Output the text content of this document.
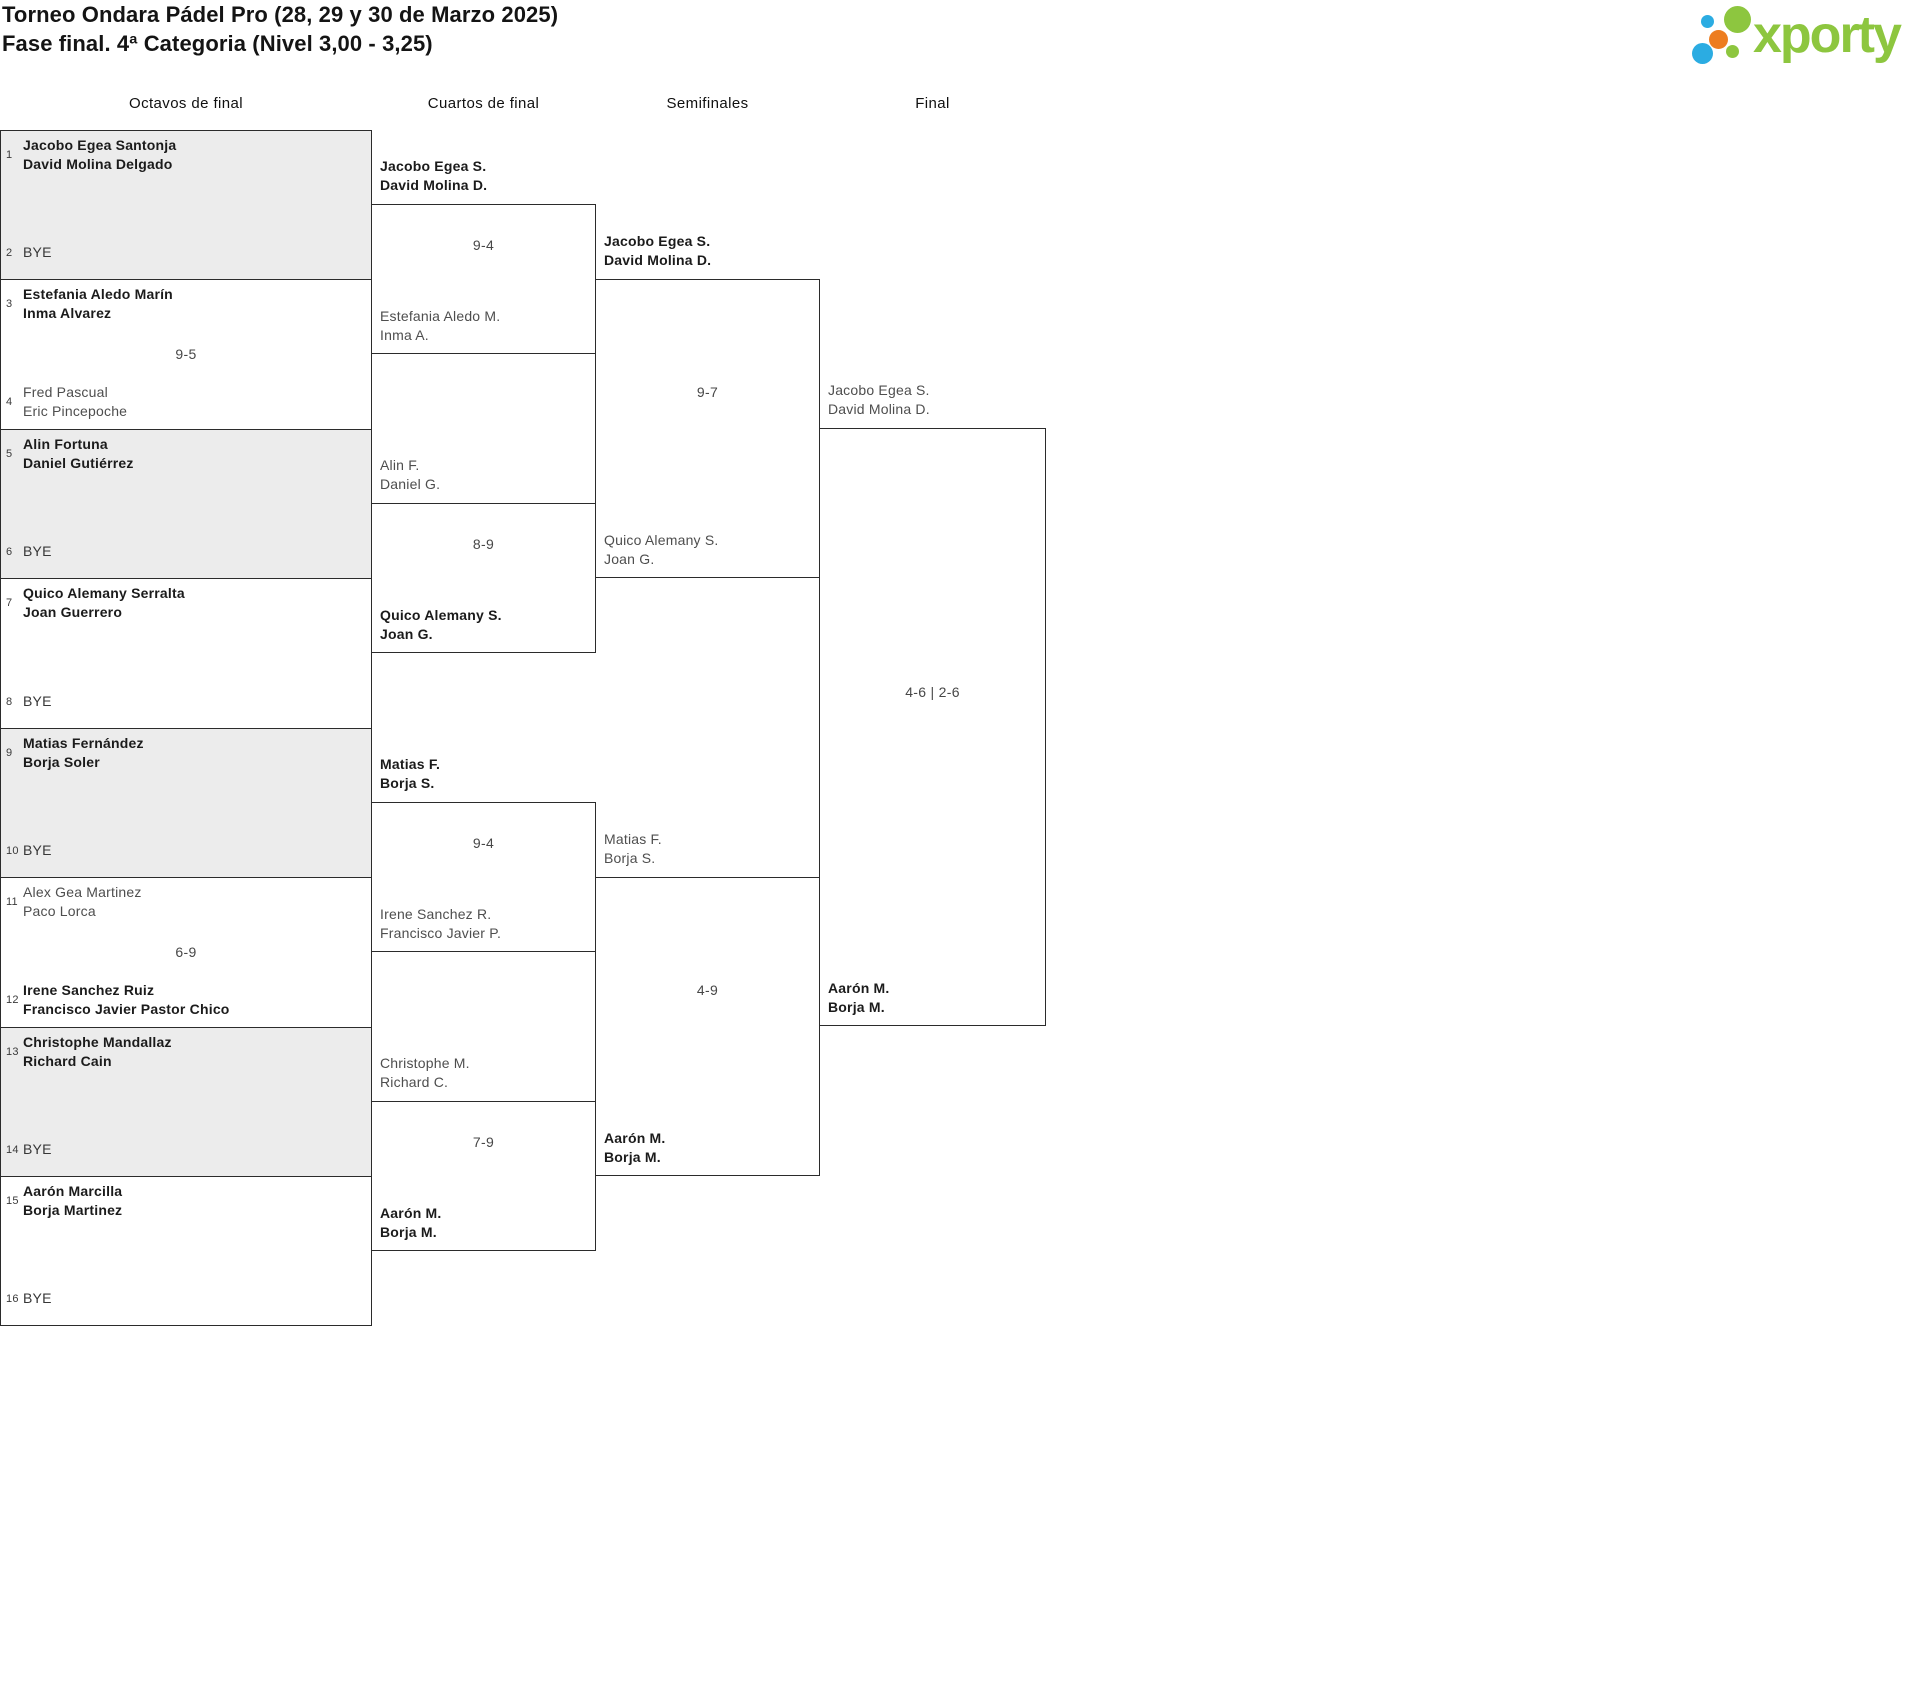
Torneo Ondara Pádel Pro (28, 29 y 30 de Marzo 2025)
Fase final. 4ª Categoria (Nivel 3,00 - 3,25)	xporty
Octavos de final	Cuartos de final	Semifinales	Final
1
Jacobo Egea Santonja
David Molina Delgado
2 BYE
3
Estefania Aledo Marín
Inma Alvarez
9-5
4
Fred Pascual
Eric Pincepoche
5
Alin Fortuna
Daniel Gutiérrez
6 BYE
7
Quico Alemany Serralta
Joan Guerrero
8 BYE
9
Matias Fernández
Borja Soler
10 BYE
11
Alex Gea Martinez
Paco Lorca
6-9
12
Irene Sanchez Ruiz
Francisco Javier Pastor Chico
13
Christophe Mandallaz
Richard Cain
14 BYE
15
Aarón Marcilla
Borja Martinez
16 BYE
Jacobo Egea S.
David Molina D.
Estefania Aledo M.
Inma A.
9-4
Alin F.
Daniel G.
Quico Alemany S.
Joan G.
8-9
Matias F.
Borja S.
Irene Sanchez R.
Francisco Javier P.
9-4
Christophe M.
Richard C.
Aarón M.
Borja M.
7-9
Jacobo Egea S.
David Molina D.
Quico Alemany S.
Joan G.
9-7
Matias F.
Borja S.
Aarón M.
Borja M.
4-9
Jacobo Egea S.
David Molina D.
Aarón M.
Borja M.
4-6 | 2-6
